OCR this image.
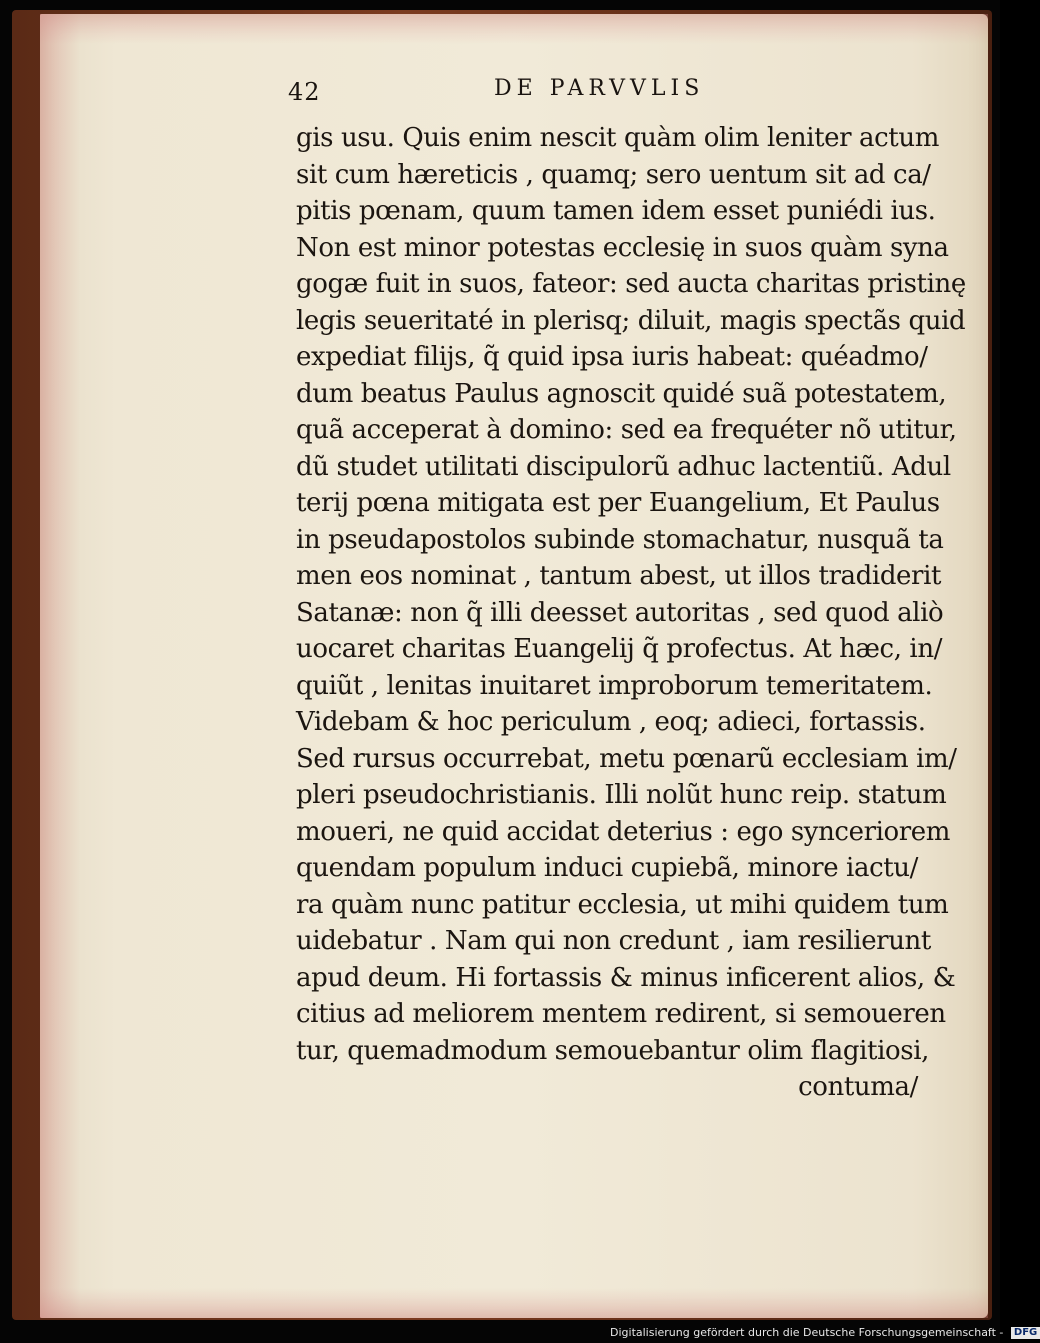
42	DE PARVVLIS
gis usu. Quis enim nescit quàm olim leniter actum
sit cum hæreticis , quamq; sero uentum sit ad ca/
pitis pœnam, quum tamen idem esset puniédi ius.
Non est minor potestas ecclesię in suos quàm syna
gogæ fuit in suos, fateor: sed aucta charitas pristinę
legis seueritaté in plerisq; diluit, magis spectãs quid
expediat filijs, q̃ quid ipsa iuris habeat: quéadmo/
dum beatus Paulus agnoscit quidé suã potestatem,
quã acceperat à domino: sed ea frequéter nõ utitur,
dũ studet utilitati discipulorũ adhuc lactentiũ. Adul
terij pœna mitigata est per Euangelium, Et Paulus
in pseudapostolos subinde stomachatur, nusquã ta
men eos nominat , tantum abest, ut illos tradiderit
Satanæ: non q̃ illi deesset autoritas , sed quod aliò
uocaret charitas Euangelij q̃ profectus. At hæc, in/
quiũt , lenitas inuitaret improborum temeritatem.
Videbam & hoc periculum , eoq; adieci, fortassis.
Sed rursus occurrebat, metu pœnarũ ecclesiam im/
pleri pseudochristianis. Illi nolũt hunc reip. statum
moueri, ne quid accidat deterius : ego synceriorem
quendam populum induci cupiebã, minore iactu/
ra quàm nunc patitur ecclesia, ut mihi quidem tum
uidebatur . Nam qui non credunt , iam resilierunt
apud deum. Hi fortassis & minus inficerent alios, &
citius ad meliorem mentem redirent, si semoueren
tur, quemadmodum semouebantur olim flagitiosi,
contuma/
Digitalisierung gefördert durch die Deutsche Forschungsgemeinschaft - DFG
